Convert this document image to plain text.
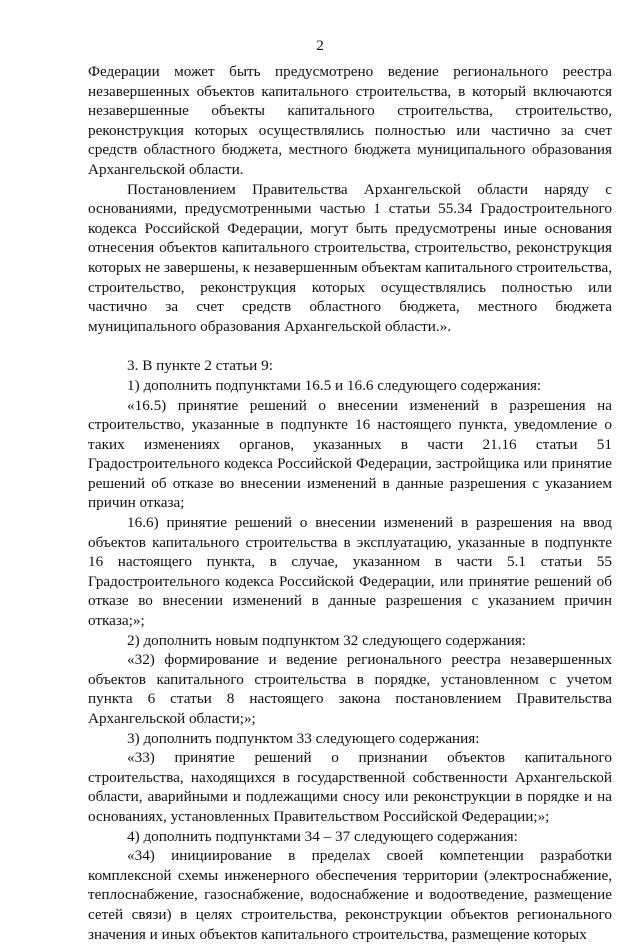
2

Федерации может быть предусмотрено ведение регионального реестра незавершенных объектов капитального строительства, в который включаются незавершенные объекты капитального строительства, строительство, реконструкция которых осуществлялись полностью или частично за счет средств областного бюджета, местного бюджета муниципального образования Архангельской области.

Постановлением Правительства Архангельской области наряду с основаниями, предусмотренными частью 1 статьи 55.34 Градостроительного кодекса Российской Федерации, могут быть предусмотрены иные основания отнесения объектов капитального строительства, строительство, реконструкция которых не завершены, к незавершенным объектам капитального строительства, строительство, реконструкция которых осуществлялись полностью или частично за счет средств областного бюджета, местного бюджета муниципального образования Архангельской области.».

3. В пункте 2 статьи 9:

1) дополнить подпунктами 16.5 и 16.6 следующего содержания:

«16.5) принятие решений о внесении изменений в разрешения на строительство, указанные в подпункте 16 настоящего пункта, уведомление о таких изменениях органов, указанных в части 21.16 статьи 51 Градостроительного кодекса Российской Федерации, застройщика или принятие решений об отказе во внесении изменений в данные разрешения с указанием причин отказа;

16.6) принятие решений о внесении изменений в разрешения на ввод объектов капитального строительства в эксплуатацию, указанные в подпункте 16 настоящего пункта, в случае, указанном в части 5.1 статьи 55 Градостроительного кодекса Российской Федерации, или принятие решений об отказе во внесении изменений в данные разрешения с указанием причин отказа;»;

2) дополнить новым подпунктом 32 следующего содержания:

«32) формирование и ведение регионального реестра незавершенных объектов капитального строительства в порядке, установленном с учетом пункта 6 статьи 8 настоящего закона постановлением Правительства Архангельской области;»;

3) дополнить подпунктом 33 следующего содержания:

«33) принятие решений о признании объектов капитального строительства, находящихся в государственной собственности Архангельской области, аварийными и подлежащими сносу или реконструкции в порядке и на основаниях, установленных Правительством Российской Федерации;»;

4) дополнить подпунктами 34 – 37 следующего содержания:

«34) инициирование в пределах своей компетенции разработки комплексной схемы инженерного обеспечения территории (электроснабжение, теплоснабжение, газоснабжение, водоснабжение и водоотведение, размещение сетей связи) в целях строительства, реконструкции объектов регионального значения и иных объектов капитального строительства, размещение которых
